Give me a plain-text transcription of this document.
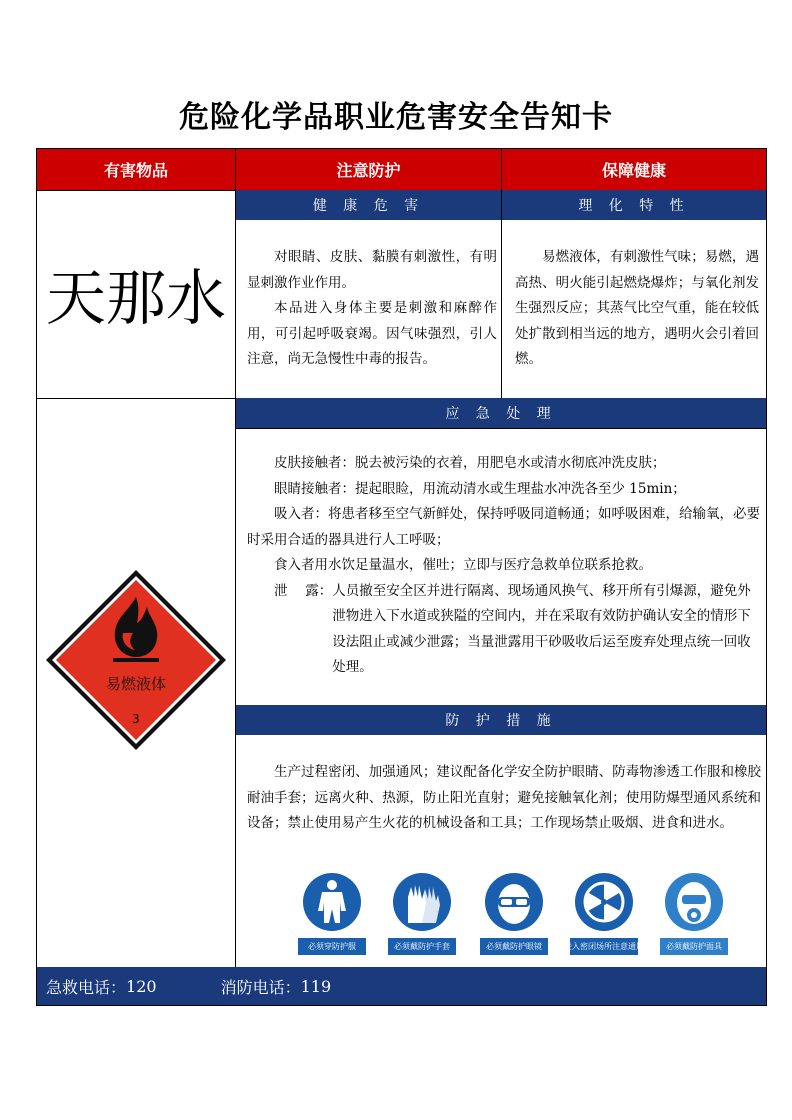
危险化学品职业危害安全告知卡
有害物品	注意防护	保障健康
天那水
健 康 危 害	理 化 特 性

对眼睛、皮肤、黏膜有刺激性，有明显刺激作业作用。

本品进入身体主要是刺激和麻醉作用，可引起呼吸衰竭。因气味强烈，引人注意，尚无急慢性中毒的报告。

易燃液体，有刺激性气味；易燃，遇高热、明火能引起燃烧爆炸；与氧化剂发生强烈反应；其蒸气比空气重，能在较低处扩散到相当远的地方，遇明火会引着回燃。

应 急 处 理
皮肤接触者：脱去被污染的衣着，用肥皂水或清水彻底冲洗皮肤；
眼睛接触者：提起眼睑，用流动清水或生理盐水冲洗各至少 15min；
吸入者：将患者移至空气新鲜处，保持呼吸同道畅通；如呼吸困难，给输氧，必要时采用合适的器具进行人工呼吸；
食入者用水饮足量温水，催吐；立即与医疗急救单位联系抢救。
泄　 露： 人员撤至安全区并进行隔离、现场通风换气、移开所有引爆源，避免外泄物进入下水道或狭隘的空间内，并在采取有效防护确认安全的情形下设法阻止或减少泄露；当量泄露用干砂吸收后运至废弃处理点统一回收处理。
防 护 措 施

生产过程密闭、加强通风；建议配备化学安全防护眼睛、防毒物渗透工作服和橡胶耐油手套；远离火种、热源，防止阳光直射；避免接触氧化剂；使用防爆型通风系统和设备；禁止使用易产生火花的机械设备和工具；工作现场禁止吸烟、进食和进水。

易燃液体
3
必须穿防护服	必须戴防护手套	必须戴防护眼镜	进入密闭场所注意通风	必须戴防护面具
急救电话： 120	消防电话： 119
